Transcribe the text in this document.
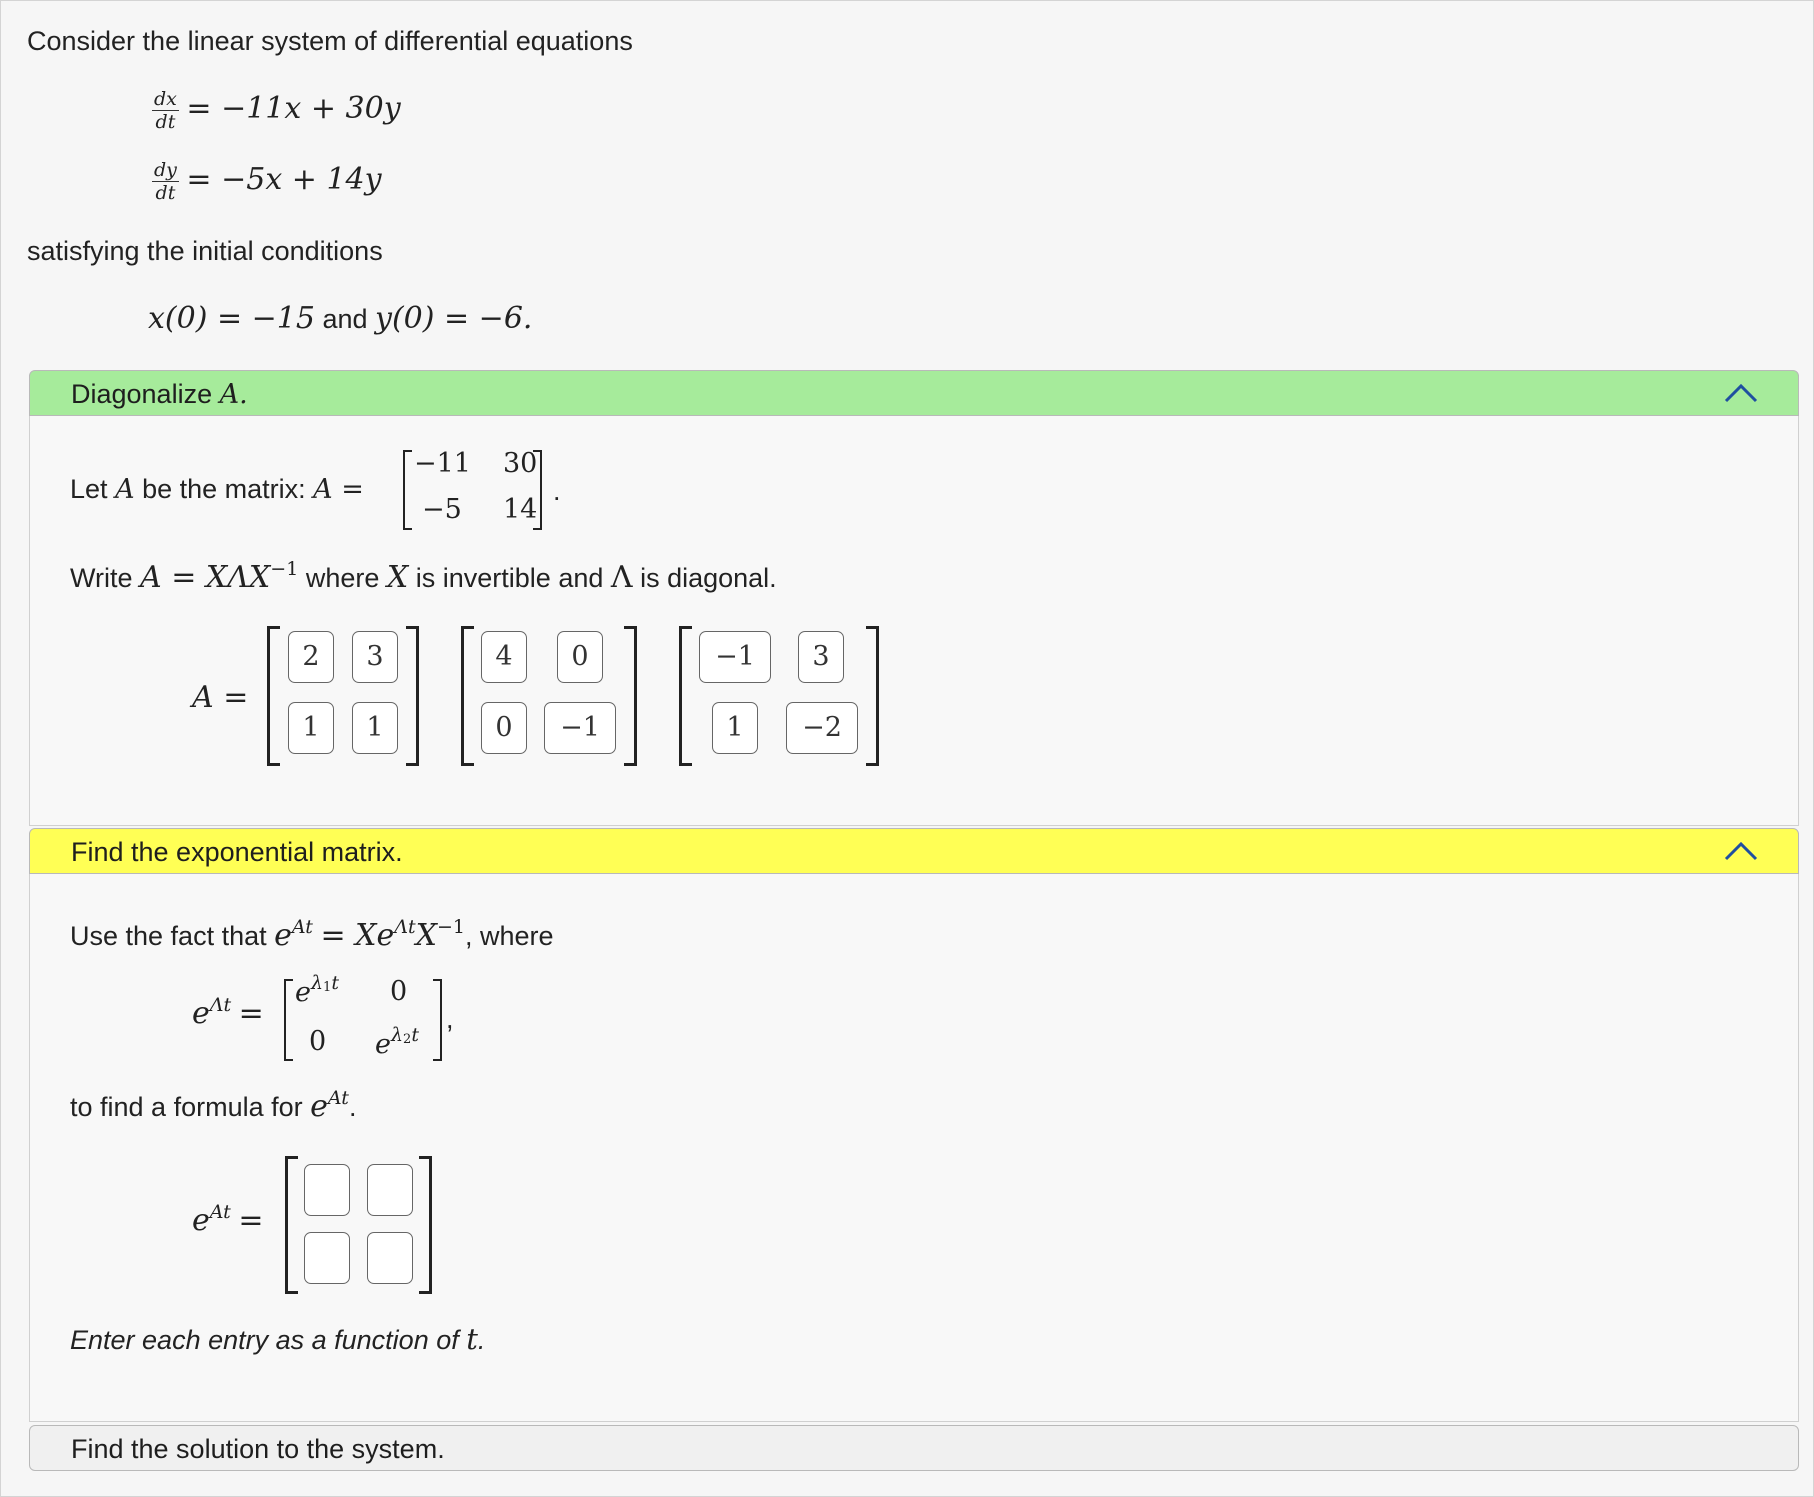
Consider the linear system of differential equations
$\frac{dx}{dt} = -11x + 30y$
$\frac{dy}{dt} = -5x + 14y$
satisfying the initial conditions
x(0) = −15 and y(0) = −6.
Diagonalize A.
Let A be the matrix: A =
−11 30
−5 14
.
Write $A = X\Lambda X^{-1}$ where X is invertible and Λ is diagonal.
A =
2	3
1	1
4	0
0	−1
−1	3
1	−2
Find the exponential matrix.
Use the fact that $e^{At} = Xe^{\Lambda t}X^{-1}$, where
$e^{\Lambda t}$ =
$e^{\lambda_1t}$ 0
0 $e^{\lambda_2t}$
,
to find a formula for $e^{At}$.
$e^{At}$ =
Enter each entry as a function of t.
Find the solution to the system.
